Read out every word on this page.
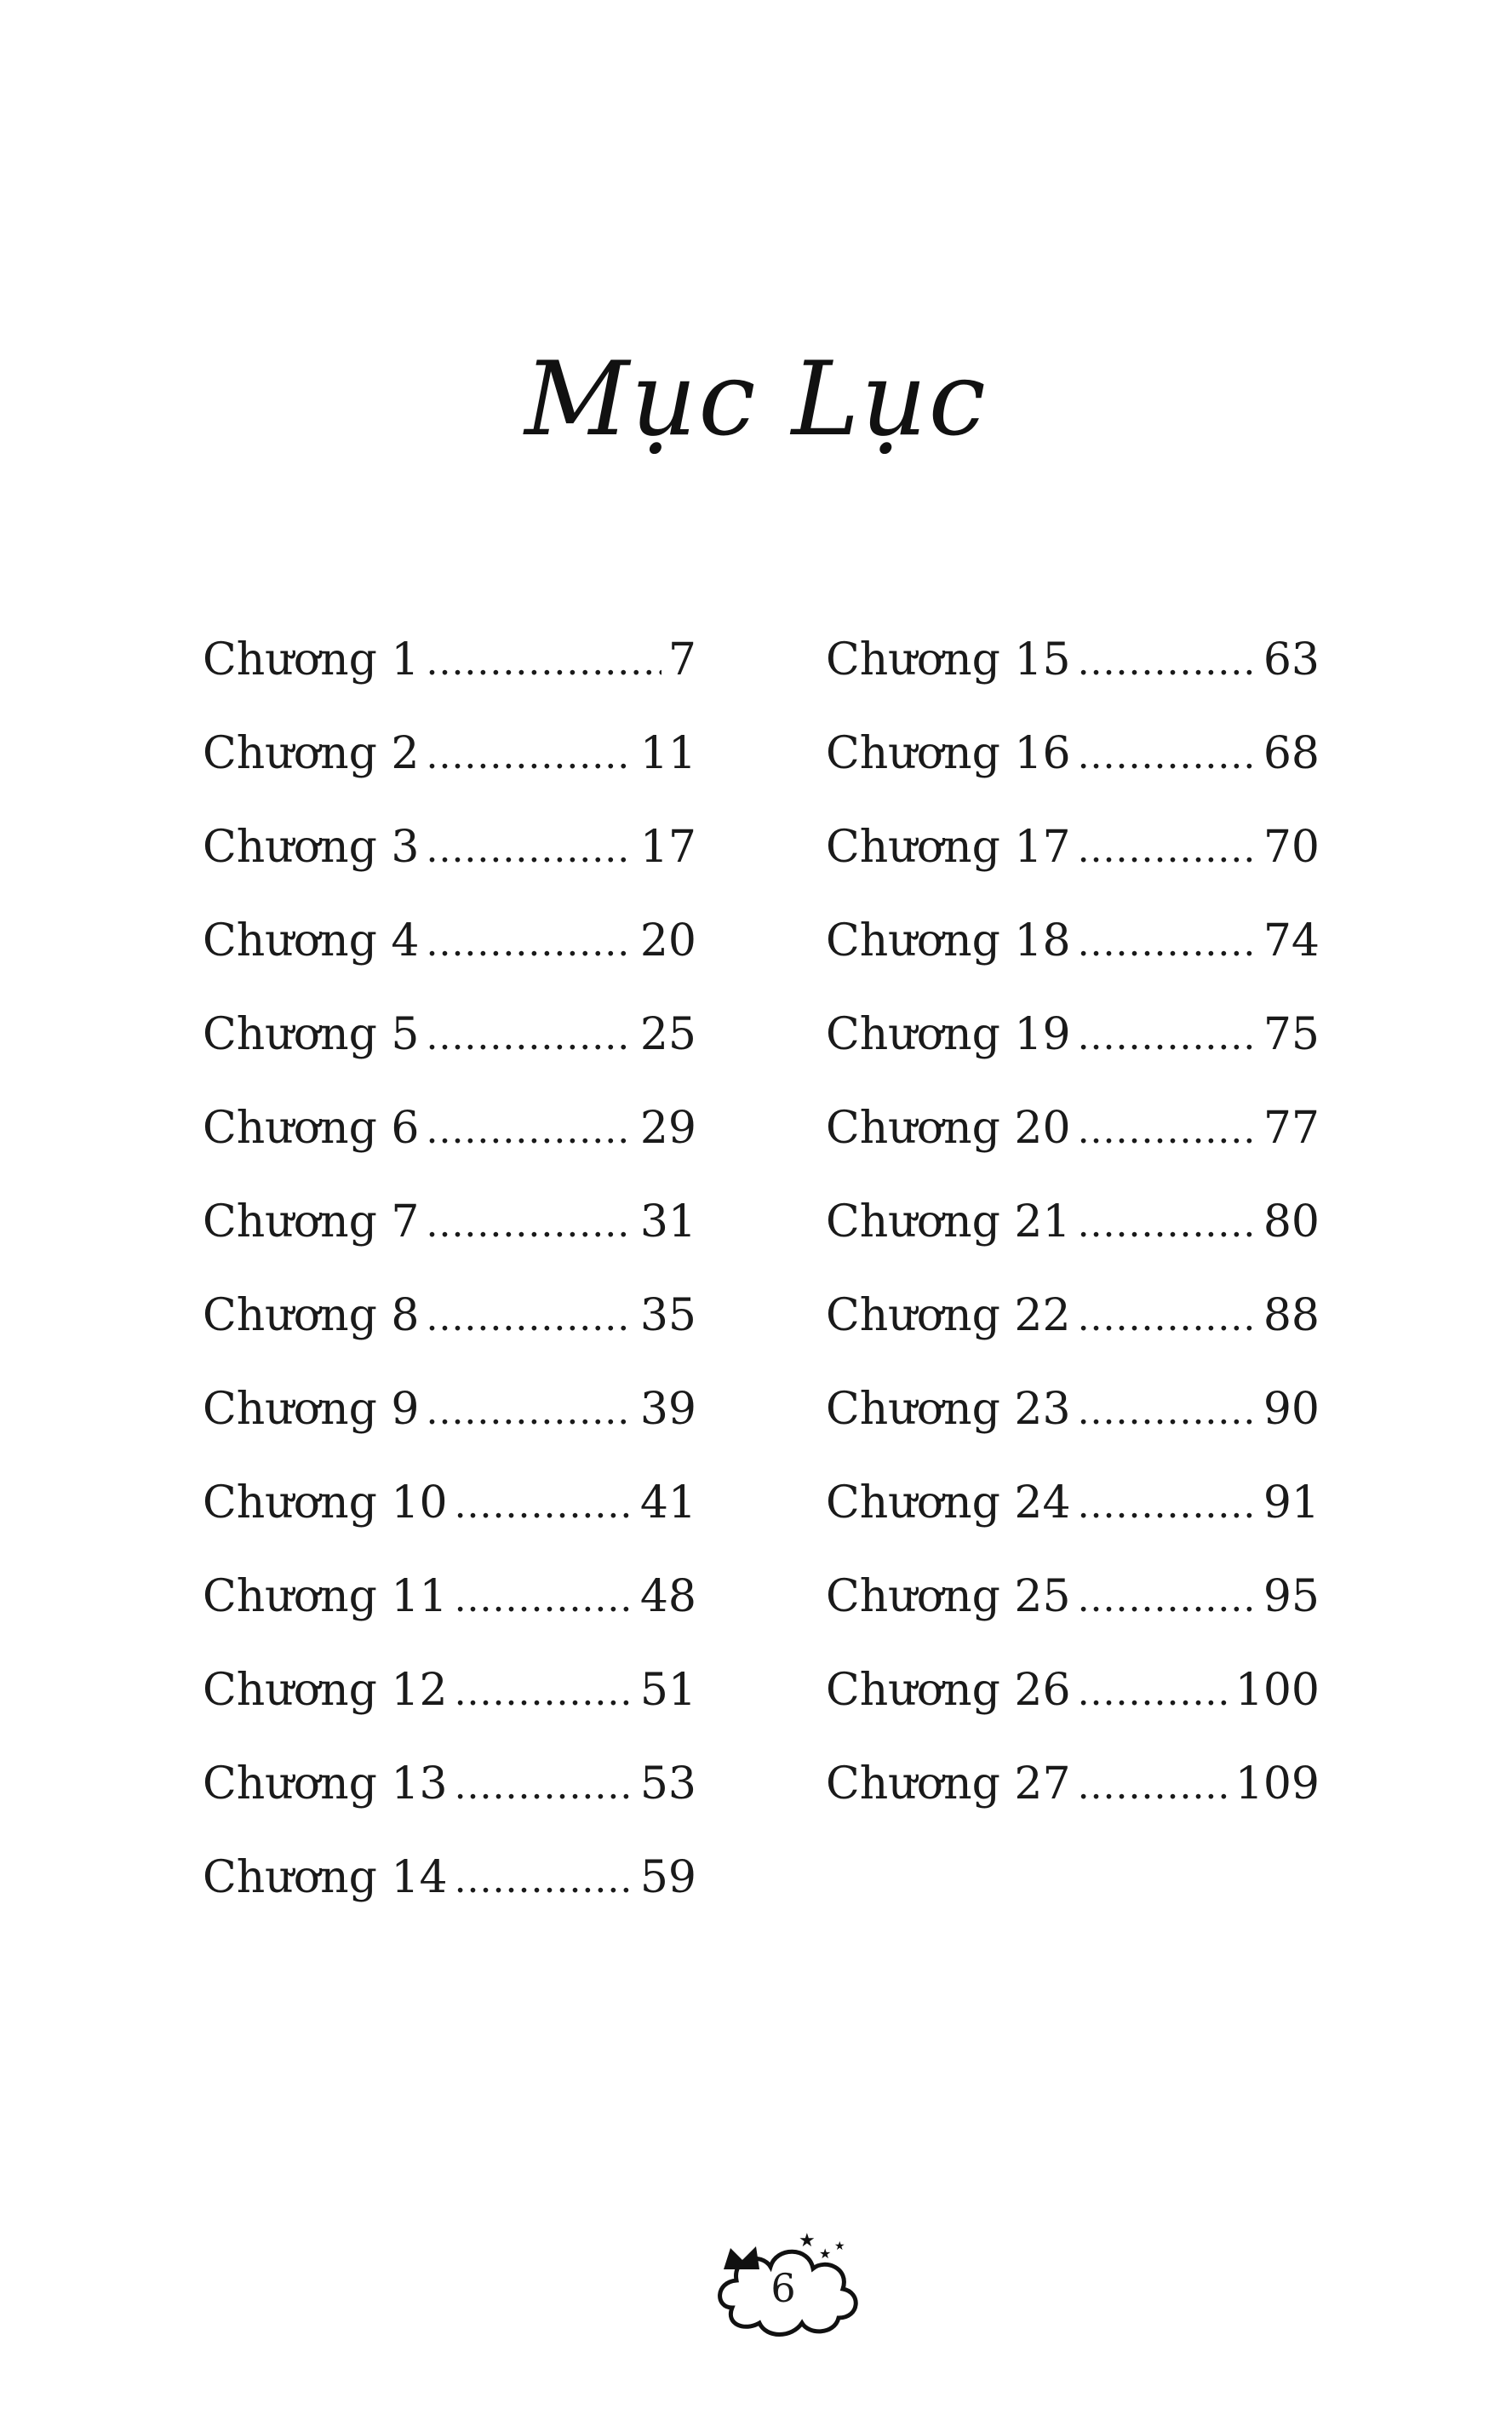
Mục Lục
Chương 1 .....	7
Chương 2 .....	11
Chương 3 .....	17
Chương 4 .....	20
Chương 5 .....	25
Chương 6 .....	29
Chương 7 .....	31
Chương 8 .....	35
Chương 9 .....	39
Chương 10 .....	41
Chương 11 .....	48
Chương 12 .....	51
Chương 13 .....	53
Chương 14 .....	59
Chương 15 .....	63
Chương 16 .....	68
Chương 17 .....	70
Chương 18 .....	74
Chương 19 .....	75
Chương 20 .....	77
Chương 21 .....	80
Chương 22 .....	88
Chương 23 .....	90
Chương 24 .....	91
Chương 25 .....	95
Chương 26 .....	100
Chương 27 .....	109
★
★ ★
6
